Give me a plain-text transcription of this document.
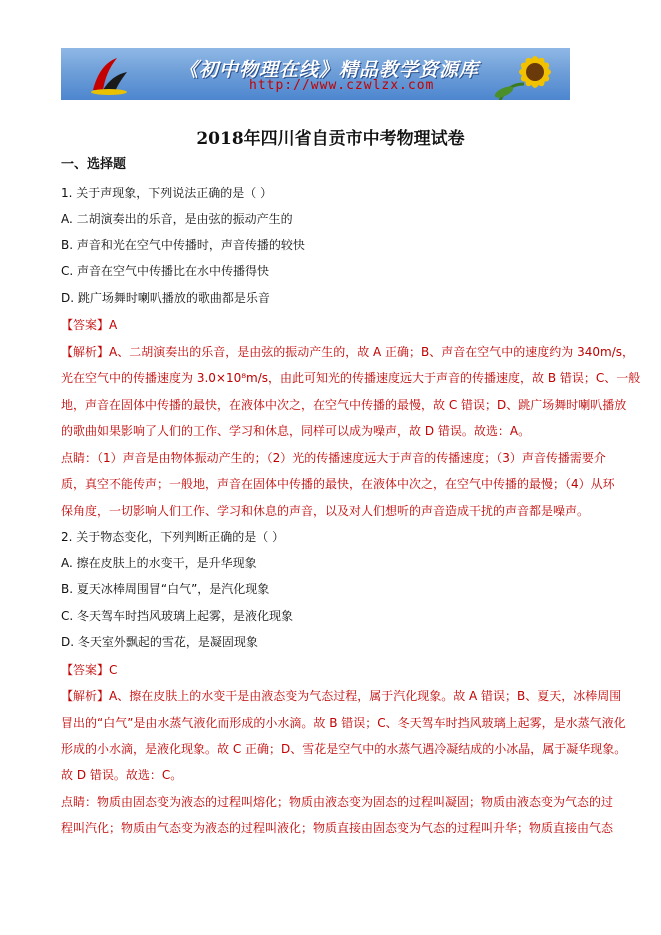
《初中物理在线》精品教学资源库
http://www.czwlzx.com
2018年四川省自贡市中考物理试卷
一、选择题
1. 关于声现象，下列说法正确的是（ ）
A. 二胡演奏出的乐音，是由弦的振动产生的
B. 声音和光在空气中传播时，声音传播的较快
C. 声音在空气中传播比在水中传播得快
D. 跳广场舞时喇叭播放的歌曲都是乐音
【答案】A
【解析】A、二胡演奏出的乐音，是由弦的振动产生的，故 A 正确；B、声音在空气中的速度约为 340m/s，
光在空气中的传播速度为 3.0×10⁸m/s，由此可知光的传播速度远大于声音的传播速度，故 B 错误；C、一般
地，声音在固体中传播的最快，在液体中次之，在空气中传播的最慢，故 C 错误；D、跳广场舞时喇叭播放
的歌曲如果影响了人们的工作、学习和休息，同样可以成为噪声，故 D 错误。故选：A。
点睛：（1）声音是由物体振动产生的；（2）光的传播速度远大于声音的传播速度；（3）声音传播需要介
质，真空不能传声；一般地，声音在固体中传播的最快，在液体中次之，在空气中传播的最慢；（4）从环
保角度，一切影响人们工作、学习和休息的声音，以及对人们想听的声音造成干扰的声音都是噪声。
2. 关于物态变化，下列判断正确的是（ ）
A. 擦在皮肤上的水变干，是升华现象
B. 夏天冰棒周围冒“白气”，是汽化现象
C. 冬天驾车时挡风玻璃上起雾，是液化现象
D. 冬天室外飘起的雪花，是凝固现象
【答案】C
【解析】A、擦在皮肤上的水变干是由液态变为气态过程，属于汽化现象。故 A 错误；B、夏天，冰棒周围
冒出的“白气”是由水蒸气液化而形成的小水滴。故 B 错误；C、冬天驾车时挡风玻璃上起雾，是水蒸气液化
形成的小水滴，是液化现象。故 C 正确；D、雪花是空气中的水蒸气遇冷凝结成的小冰晶，属于凝华现象。
故 D 错误。故选：C。
点睛：物质由固态变为液态的过程叫熔化；物质由液态变为固态的过程叫凝固；物质由液态变为气态的过
程叫汽化；物质由气态变为液态的过程叫液化；物质直接由固态变为气态的过程叫升华；物质直接由气态
